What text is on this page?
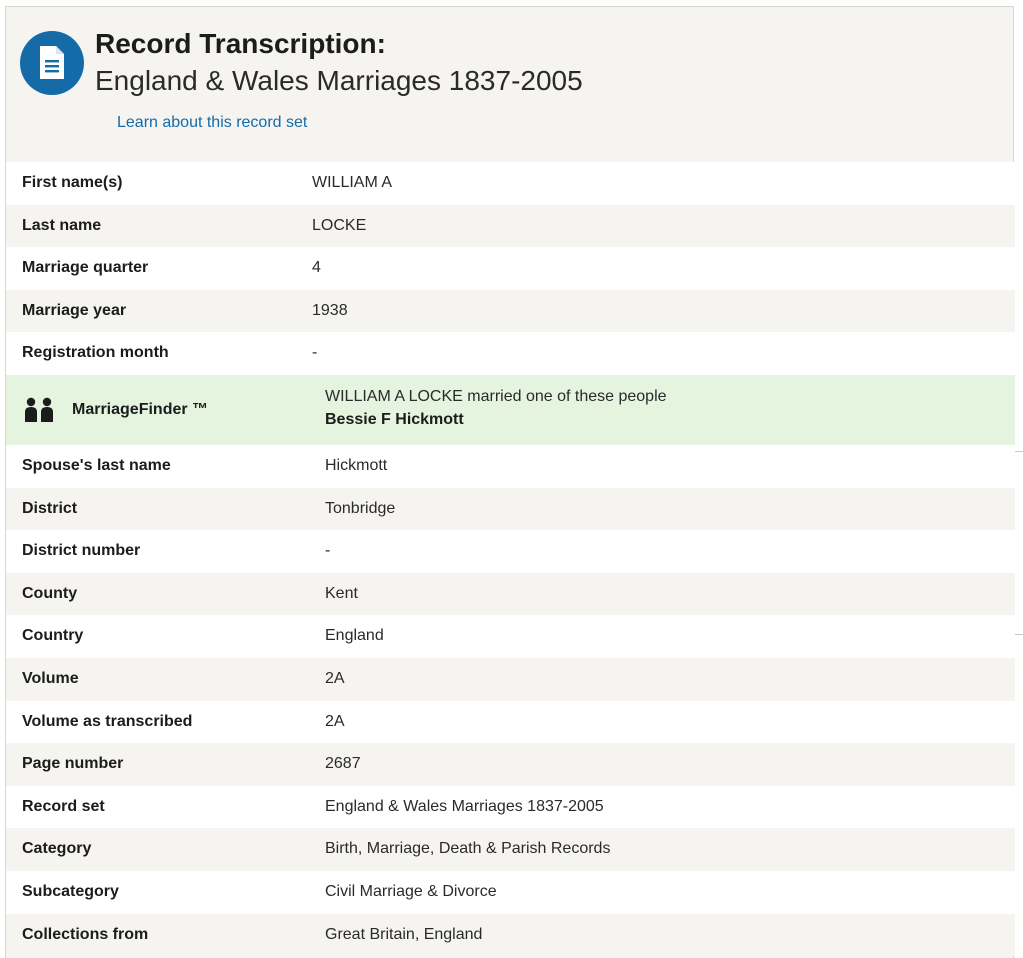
Record Transcription:
England & Wales Marriages 1837-2005
Learn about this record set
First name(s)	WILLIAM A
Last name	LOCKE
Marriage quarter	4
Marriage year	1938
Registration month	-
MarriageFinder ™
WILLIAM A LOCKE married one of these people
Bessie F Hickmott
Spouse's last name	Hickmott
District	Tonbridge
District number	-
County	Kent
Country	England
Volume	2A
Volume as transcribed	2A
Page number	2687
Record set	England & Wales Marriages 1837-2005
Category	Birth, Marriage, Death & Parish Records
Subcategory	Civil Marriage & Divorce
Collections from	Great Britain, England
